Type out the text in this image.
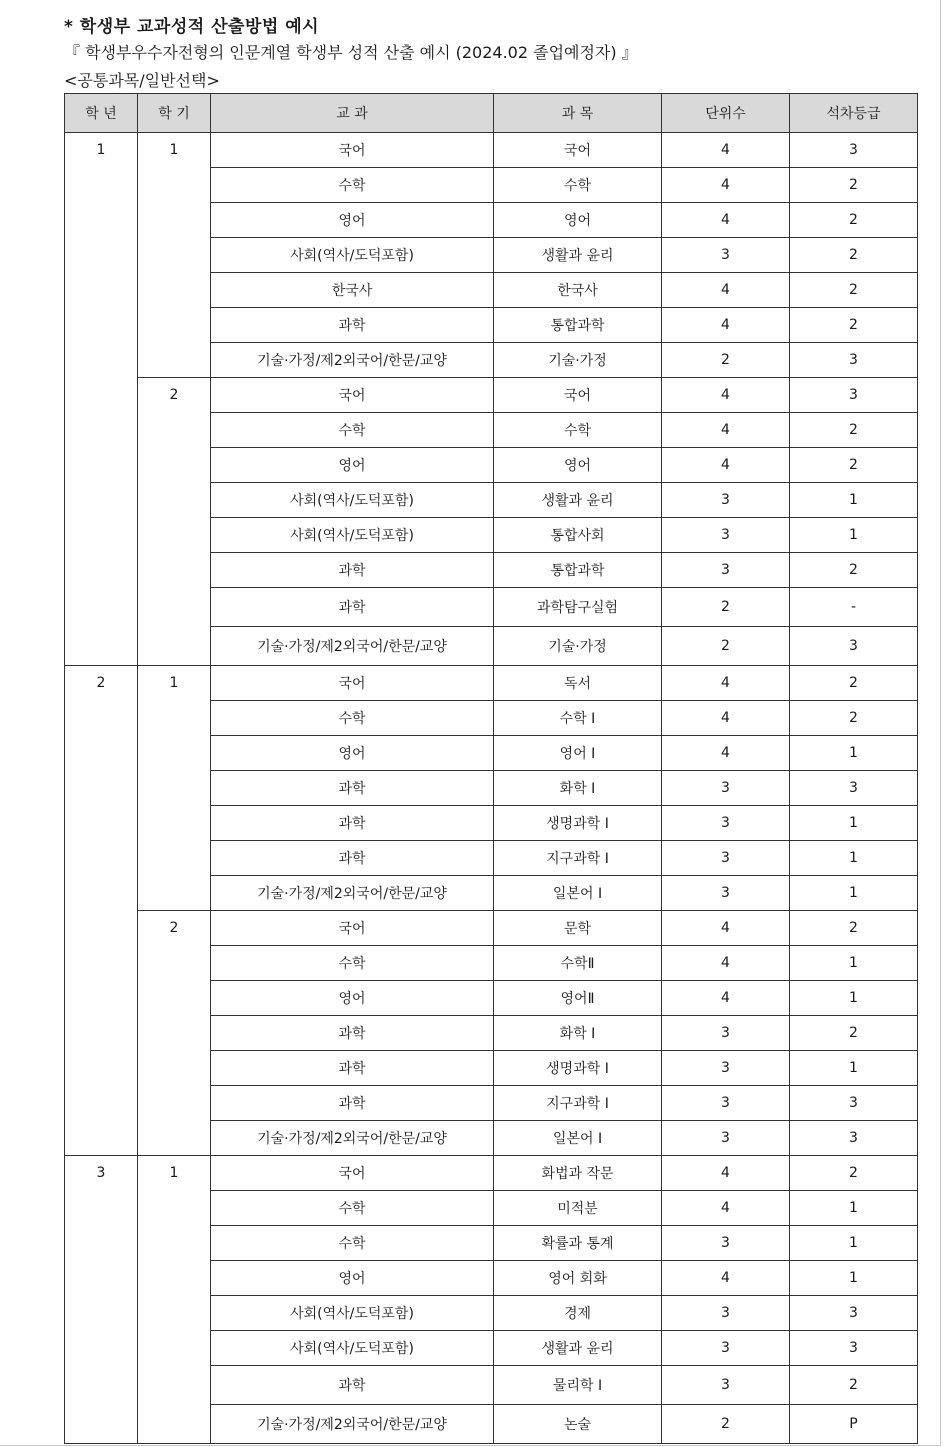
* 학생부 교과성적 산출방법 예시
『 학생부우수자전형의 인문계열 학생부 성적 산출 예시 (2024.02 졸업예정자) 』
<공통과목/일반선택>
학 년	학 기	교 과	과 목	단위수	석차등급
1	1	국어	국어	4	3
		수학	수학	4	2
		영어	영어	4	2
		사회(역사/도덕포함)	생활과 윤리	3	2
		한국사	한국사	4	2
		과학	통합과학	4	2
		기술·가정/제2외국어/한문/교양	기술·가정	2	3
	2	국어	국어	4	3
		수학	수학	4	2
		영어	영어	4	2
		사회(역사/도덕포함)	생활과 윤리	3	1
		사회(역사/도덕포함)	통합사회	3	1
		과학	통합과학	3	2
		과학	과학탐구실험	2	-
		기술·가정/제2외국어/한문/교양	기술·가정	2	3
2	1	국어	독서	4	2
		수학	수학 I	4	2
		영어	영어 I	4	1
		과학	화학 I	3	3
		과학	생명과학 I	3	1
		과학	지구과학 I	3	1
		기술·가정/제2외국어/한문/교양	일본어 I	3	1
	2	국어	문학	4	2
		수학	수학Ⅱ	4	1
		영어	영어Ⅱ	4	1
		과학	화학 I	3	2
		과학	생명과학 I	3	1
		과학	지구과학 I	3	3
		기술·가정/제2외국어/한문/교양	일본어 I	3	3
3	1	국어	화법과 작문	4	2
		수학	미적분	4	1
		수학	확률과 통계	3	1
		영어	영어 회화	4	1
		사회(역사/도덕포함)	경제	3	3
		사회(역사/도덕포함)	생활과 윤리	3	3
		과학	물리학 I	3	2
		기술·가정/제2외국어/한문/교양	논술	2	P
